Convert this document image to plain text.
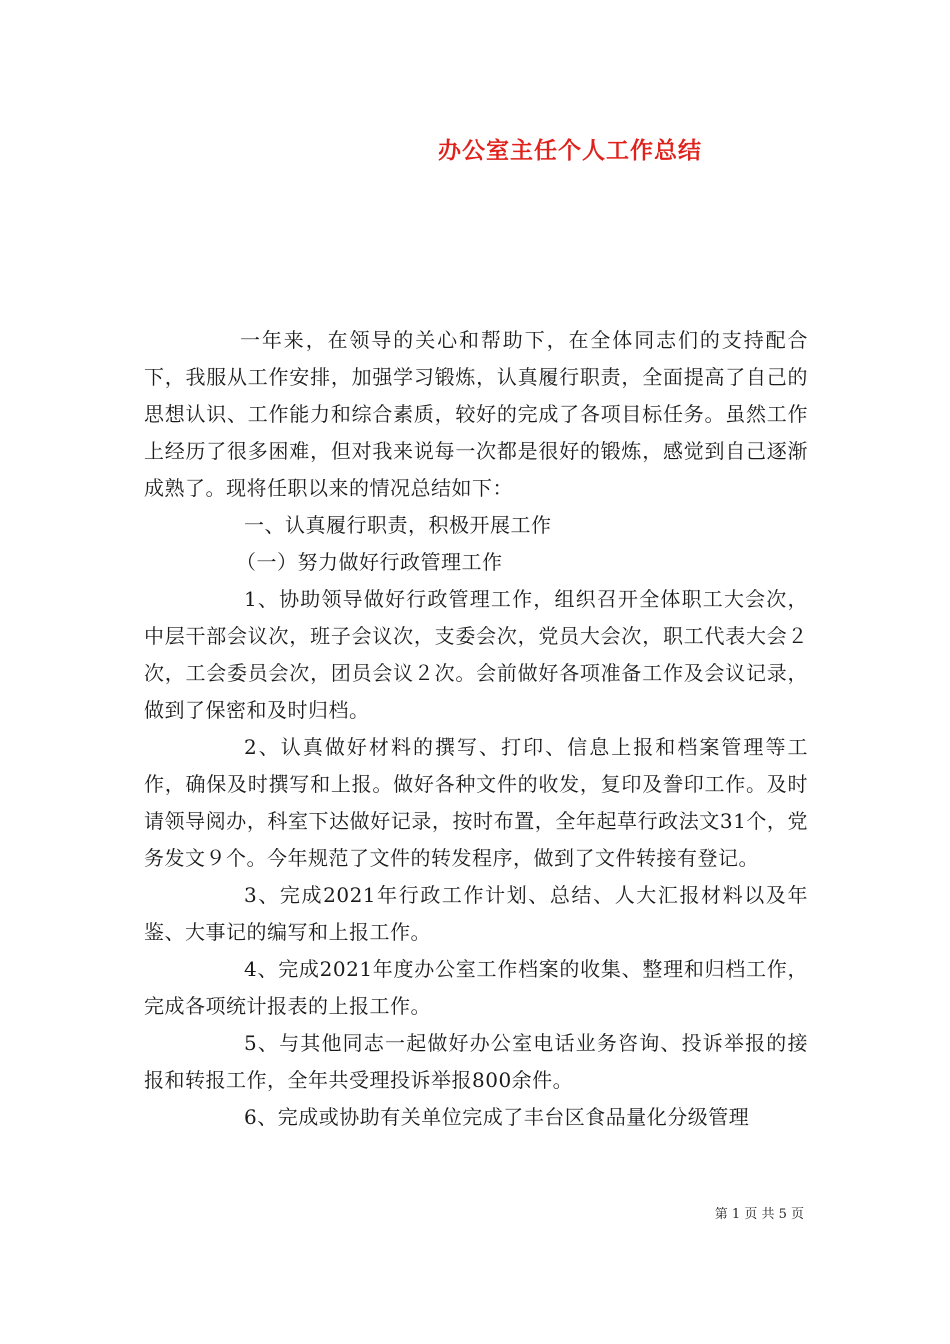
办公室主任个人工作总结

一年来，在领导的关心和帮助下，在全体同志们的支持配合下，我服从工作安排，加强学习锻炼，认真履行职责，全面提高了自己的思想认识、工作能力和综合素质，较好的完成了各项目标任务。虽然工作上经历了很多困难，但对我来说每一次都是很好的锻炼，感觉到自己逐渐成熟了。现将任职以来的情况总结如下：

一、认真履行职责，积极开展工作

（一）努力做好行政管理工作

1、协助领导做好行政管理工作，组织召开全体职工大会次，中层干部会议次，班子会议次，支委会次，党员大会次，职工代表大会２次，工会委员会次，团员会议２次。会前做好各项准备工作及会议记录，做到了保密和及时归档。

2、认真做好材料的撰写、打印、信息上报和档案管理等工作，确保及时撰写和上报。做好各种文件的收发，复印及誊印工作。及时请领导阅办，科室下达做好记录，按时布置，全年起草行政法文31个，党务发文９个。今年规范了文件的转发程序，做到了文件转接有登记。

3、完成2021年行政工作计划、总结、人大汇报材料以及年鉴、大事记的编写和上报工作。

4、完成2021年度办公室工作档案的收集、整理和归档工作，完成各项统计报表的上报工作。

5、与其他同志一起做好办公室电话业务咨询、投诉举报的接报和转报工作，全年共受理投诉举报800余件。

6、完成或协助有关单位完成了丰台区食品量化分级管理

第 1 页 共 5 页
